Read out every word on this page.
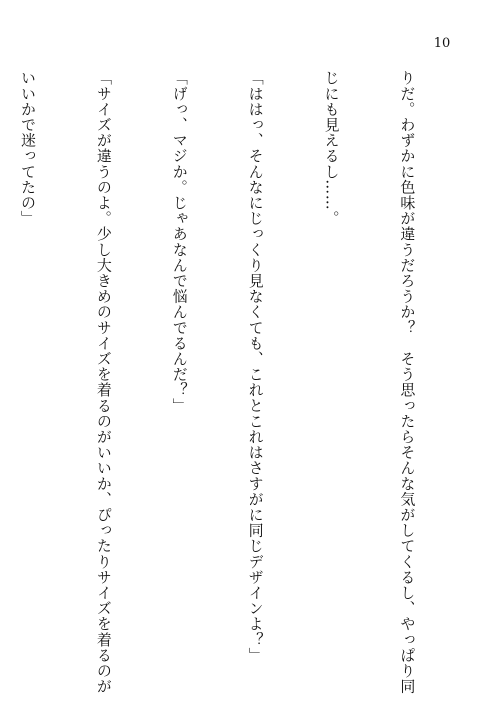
10

りだ。わずかに色味が違うだろうか？　そう思ったらそんな気がしてくるし、やっぱり同

じにも見えるし……。

「ははっ、そんなにじっくり見なくても、これとこれはさすがに同じデザインよ？」

「げっ、マジか。じゃあなんで悩んでるんだ？」

「サイズが違うのよ。少し大きめのサイズを着るのがいいか、ぴったりサイズを着るのが

いいかで迷ってたの」
